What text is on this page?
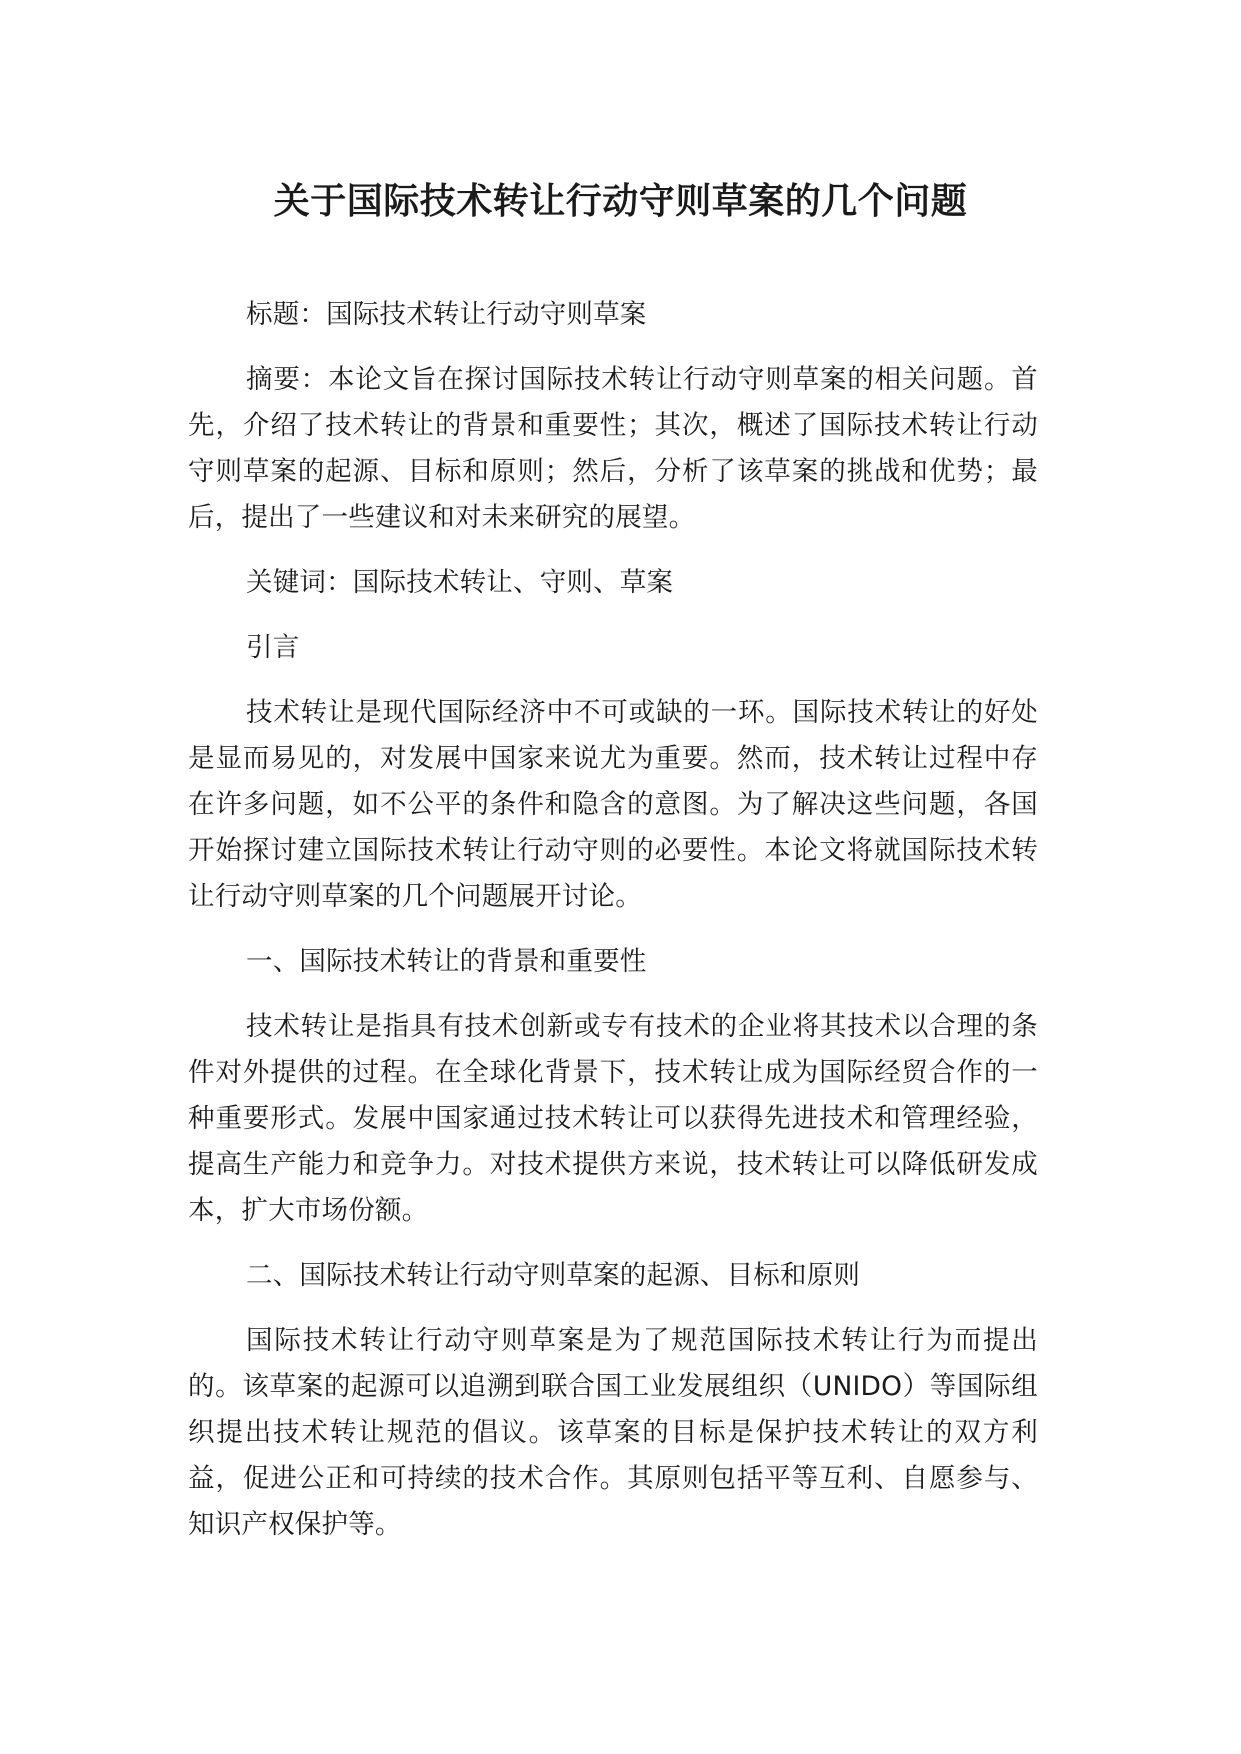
关于国际技术转让行动守则草案的几个问题

标题：国际技术转让行动守则草案

摘要：本论文旨在探讨国际技术转让行动守则草案的相关问题。首先，介绍了技术转让的背景和重要性；其次，概述了国际技术转让行动守则草案的起源、目标和原则；然后，分析了该草案的挑战和优势；最后，提出了一些建议和对未来研究的展望。

关键词：国际技术转让、守则、草案

引言

技术转让是现代国际经济中不可或缺的一环。国际技术转让的好处是显而易见的，对发展中国家来说尤为重要。然而，技术转让过程中存在许多问题，如不公平的条件和隐含的意图。为了解决这些问题，各国开始探讨建立国际技术转让行动守则的必要性。本论文将就国际技术转让行动守则草案的几个问题展开讨论。

一、国际技术转让的背景和重要性

技术转让是指具有技术创新或专有技术的企业将其技术以合理的条件对外提供的过程。在全球化背景下，技术转让成为国际经贸合作的一种重要形式。发展中国家通过技术转让可以获得先进技术和管理经验，提高生产能力和竞争力。对技术提供方来说，技术转让可以降低研发成本，扩大市场份额。

二、国际技术转让行动守则草案的起源、目标和原则

国际技术转让行动守则草案是为了规范国际技术转让行为而提出的。该草案的起源可以追溯到联合国工业发展组织（UNIDO）等国际组织提出技术转让规范的倡议。该草案的目标是保护技术转让的双方利益，促进公正和可持续的技术合作。其原则包括平等互利、自愿参与、知识产权保护等。
